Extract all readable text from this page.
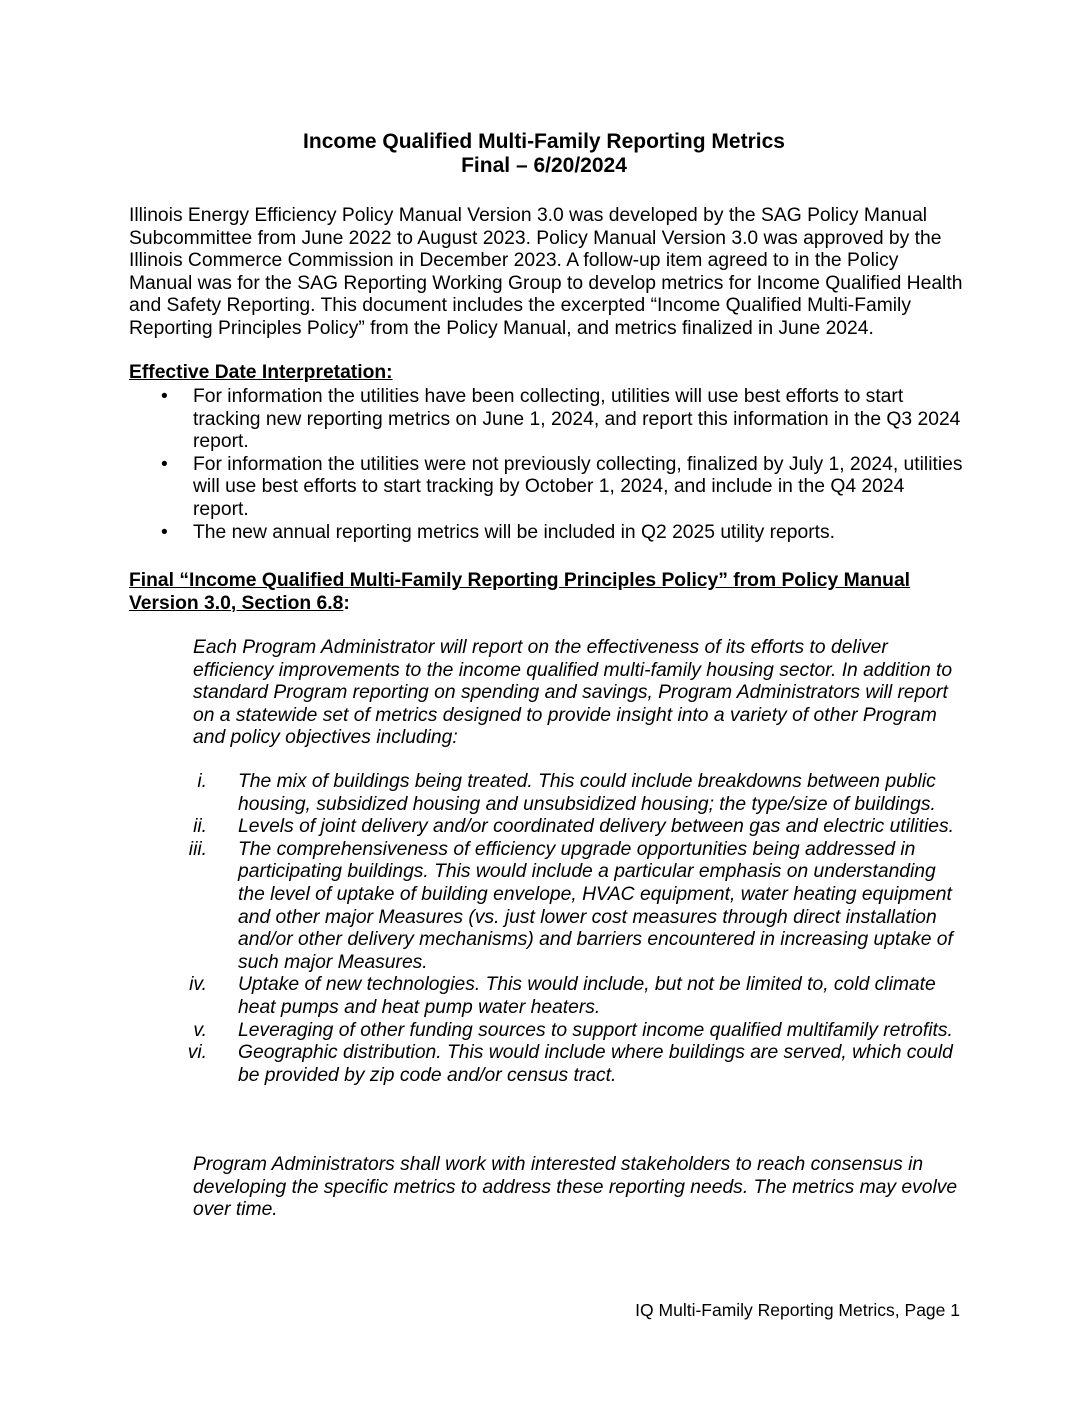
Income Qualified Multi-Family Reporting Metrics
Final – 6/20/2024
Illinois Energy Efficiency Policy Manual Version 3.0 was developed by the SAG Policy Manual Subcommittee from June 2022 to August 2023. Policy Manual Version 3.0 was approved by the Illinois Commerce Commission in December 2023. A follow-up item agreed to in the Policy Manual was for the SAG Reporting Working Group to develop metrics for Income Qualified Health and Safety Reporting. This document includes the excerpted “Income Qualified Multi-Family Reporting Principles Policy” from the Policy Manual, and metrics finalized in June 2024.
Effective Date Interpretation:
• For information the utilities have been collecting, utilities will use best efforts to start tracking new reporting metrics on June 1, 2024, and report this information in the Q3 2024 report.
• For information the utilities were not previously collecting, finalized by July 1, 2024, utilities will use best efforts to start tracking by October 1, 2024, and include in the Q4 2024 report.
• The new annual reporting metrics will be included in Q2 2025 utility reports.
Final “Income Qualified Multi-Family Reporting Principles Policy” from Policy Manual Version 3.0, Section 6.8:
Each Program Administrator will report on the effectiveness of its efforts to deliver efficiency improvements to the income qualified multi-family housing sector. In addition to standard Program reporting on spending and savings, Program Administrators will report on a statewide set of metrics designed to provide insight into a variety of other Program and policy objectives including:
i. The mix of buildings being treated. This could include breakdowns between public housing, subsidized housing and unsubsidized housing; the type/size of buildings.
ii. Levels of joint delivery and/or coordinated delivery between gas and electric utilities.
iii. The comprehensiveness of efficiency upgrade opportunities being addressed in participating buildings. This would include a particular emphasis on understanding the level of uptake of building envelope, HVAC equipment, water heating equipment and other major Measures (vs. just lower cost measures through direct installation and/or other delivery mechanisms) and barriers encountered in increasing uptake of such major Measures.
iv. Uptake of new technologies. This would include, but not be limited to, cold climate heat pumps and heat pump water heaters.
v. Leveraging of other funding sources to support income qualified multifamily retrofits.
vi. Geographic distribution. This would include where buildings are served, which could be provided by zip code and/or census tract.
Program Administrators shall work with interested stakeholders to reach consensus in developing the specific metrics to address these reporting needs. The metrics may evolve over time.
IQ Multi-Family Reporting Metrics, Page 1
